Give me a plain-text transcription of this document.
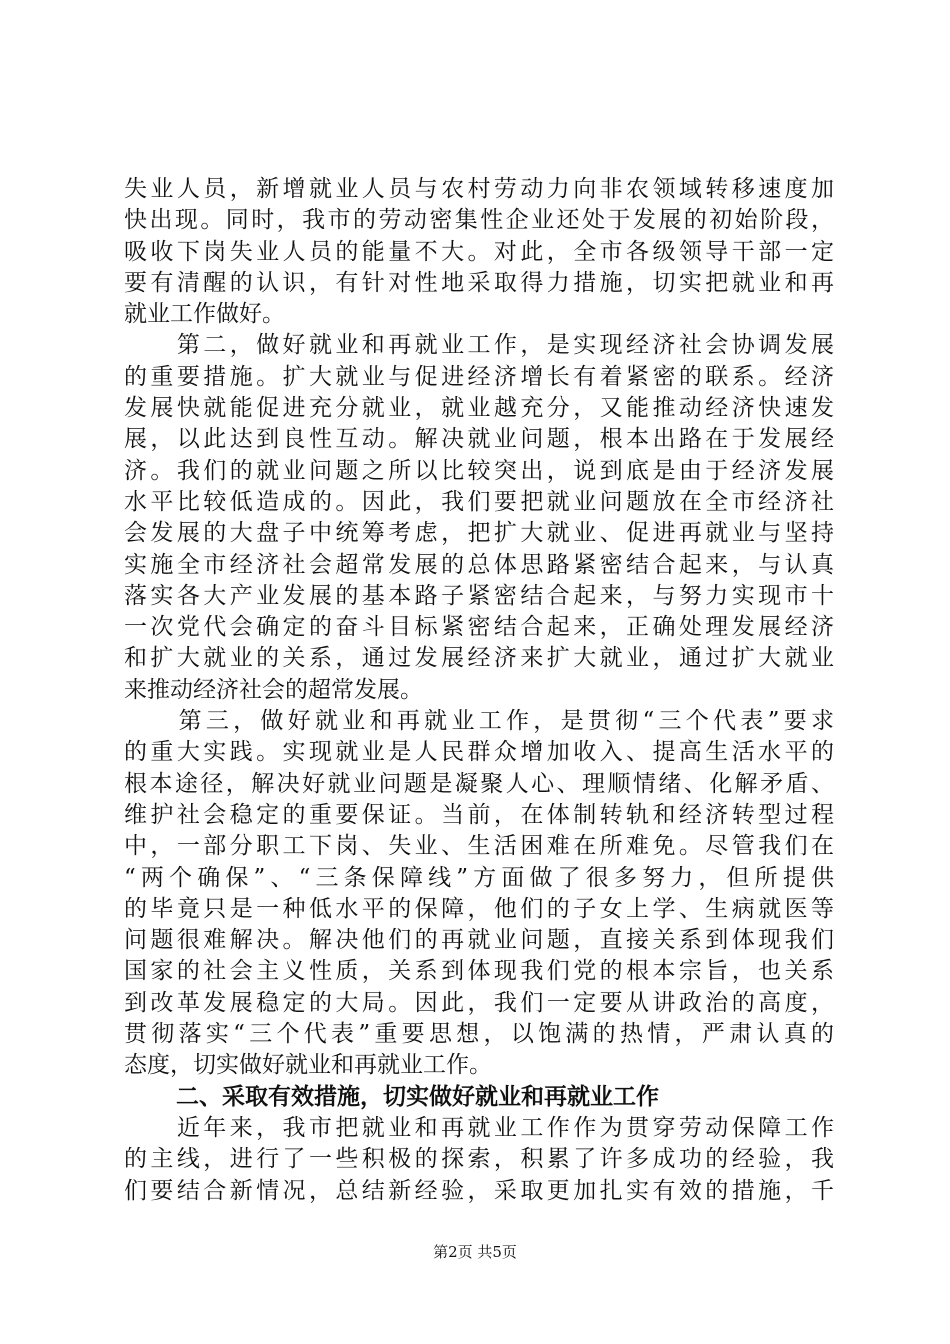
失业人员，新增就业人员与农村劳动力向非农领域转移速度加
快出现。同时，我市的劳动密集性企业还处于发展的初始阶段，
吸收下岗失业人员的能量不大。对此，全市各级领导干部一定
要有清醒的认识，有针对性地采取得力措施，切实把就业和再
就业工作做好。
　　第二，做好就业和再就业工作，是实现经济社会协调发展
的重要措施。扩大就业与促进经济增长有着紧密的联系。经济
发展快就能促进充分就业，就业越充分，又能推动经济快速发
展，以此达到良性互动。解决就业问题，根本出路在于发展经
济。我们的就业问题之所以比较突出，说到底是由于经济发展
水平比较低造成的。因此，我们要把就业问题放在全市经济社
会发展的大盘子中统筹考虑，把扩大就业、促进再就业与坚持
实施全市经济社会超常发展的总体思路紧密结合起来，与认真
落实各大产业发展的基本路子紧密结合起来，与努力实现市十
一次党代会确定的奋斗目标紧密结合起来，正确处理发展经济
和扩大就业的关系，通过发展经济来扩大就业，通过扩大就业
来推动经济社会的超常发展。
　　第三，做好就业和再就业工作，是贯彻“三个代表”要求
的重大实践。实现就业是人民群众增加收入、提高生活水平的
根本途径，解决好就业问题是凝聚人心、理顺情绪、化解矛盾、
维护社会稳定的重要保证。当前，在体制转轨和经济转型过程
中，一部分职工下岗、失业、生活困难在所难免。尽管我们在
“两个确保”、“三条保障线”方面做了很多努力，但所提供
的毕竟只是一种低水平的保障，他们的子女上学、生病就医等
问题很难解决。解决他们的再就业问题，直接关系到体现我们
国家的社会主义性质，关系到体现我们党的根本宗旨，也关系
到改革发展稳定的大局。因此，我们一定要从讲政治的高度，
贯彻落实“三个代表”重要思想，以饱满的热情，严肃认真的
态度，切实做好就业和再就业工作。
二、采取有效措施，切实做好就业和再就业工作
　　近年来，我市把就业和再就业工作作为贯穿劳动保障工作
的主线，进行了一些积极的探索，积累了许多成功的经验，我
们要结合新情况，总结新经验，采取更加扎实有效的措施，千
第2页 共5页
